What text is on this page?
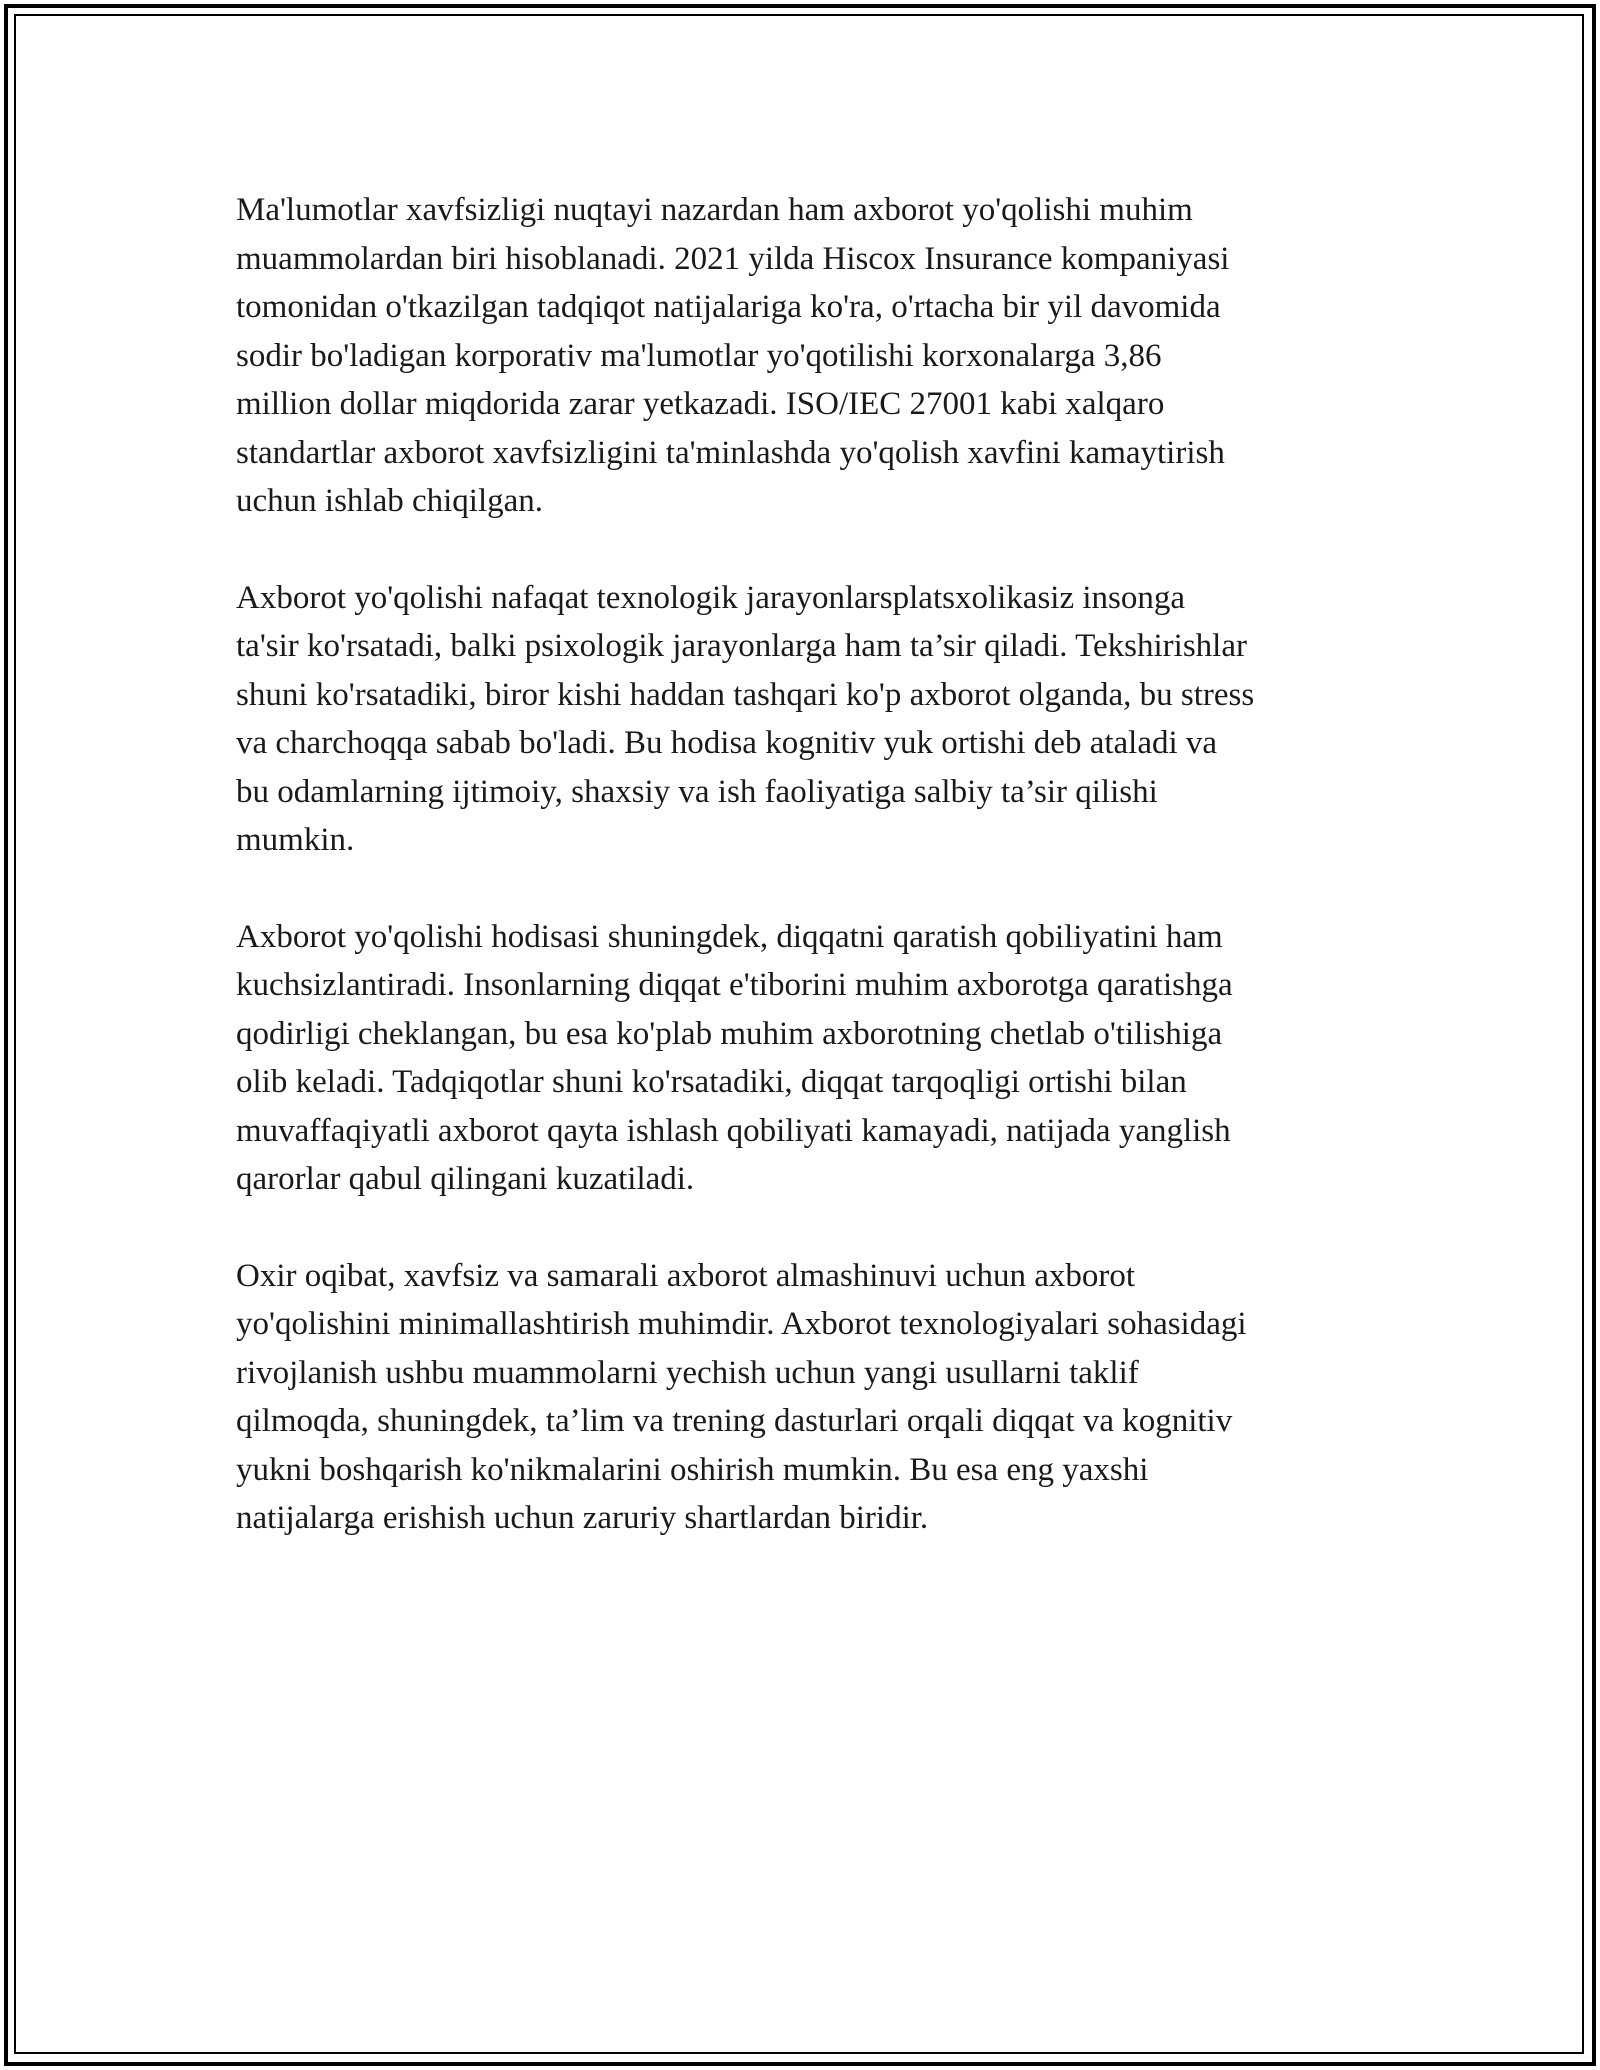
Ma'lumotlar xavfsizligi nuqtayi nazardan ham axborot yo'qolishi muhim
muammolardan biri hisoblanadi. 2021 yilda Hiscox Insurance kompaniyasi
tomonidan o'tkazilgan tadqiqot natijalariga ko'ra, o'rtacha bir yil davomida
sodir bo'ladigan korporativ ma'lumotlar yo'qotilishi korxonalarga 3,86
million dollar miqdorida zarar yetkazadi. ISO/IEC 27001 kabi xalqaro
standartlar axborot xavfsizligini ta'minlashda yo'qolish xavfini kamaytirish
uchun ishlab chiqilgan.

Axborot yo'qolishi nafaqat texnologik jarayonlarsplatsxolikasiz insonga
ta'sir ko'rsatadi, balki psixologik jarayonlarga ham ta’sir qiladi. Tekshirishlar
shuni ko'rsatadiki, biror kishi haddan tashqari ko'p axborot olganda, bu stress
va charchoqqa sabab bo'ladi. Bu hodisa kognitiv yuk ortishi deb ataladi va
bu odamlarning ijtimoiy, shaxsiy va ish faoliyatiga salbiy ta’sir qilishi
mumkin.

Axborot yo'qolishi hodisasi shuningdek, diqqatni qaratish qobiliyatini ham
kuchsizlantiradi. Insonlarning diqqat e'tiborini muhim axborotga qaratishga
qodirligi cheklangan, bu esa ko'plab muhim axborotning chetlab o'tilishiga
olib keladi. Tadqiqotlar shuni ko'rsatadiki, diqqat tarqoqligi ortishi bilan
muvaffaqiyatli axborot qayta ishlash qobiliyati kamayadi, natijada yanglish
qarorlar qabul qilingani kuzatiladi.

Oxir oqibat, xavfsiz va samarali axborot almashinuvi uchun axborot
yo'qolishini minimallashtirish muhimdir. Axborot texnologiyalari sohasidagi
rivojlanish ushbu muammolarni yechish uchun yangi usullarni taklif
qilmoqda, shuningdek, ta’lim va trening dasturlari orqali diqqat va kognitiv
yukni boshqarish ko'nikmalarini oshirish mumkin. Bu esa eng yaxshi
natijalarga erishish uchun zaruriy shartlardan biridir.
